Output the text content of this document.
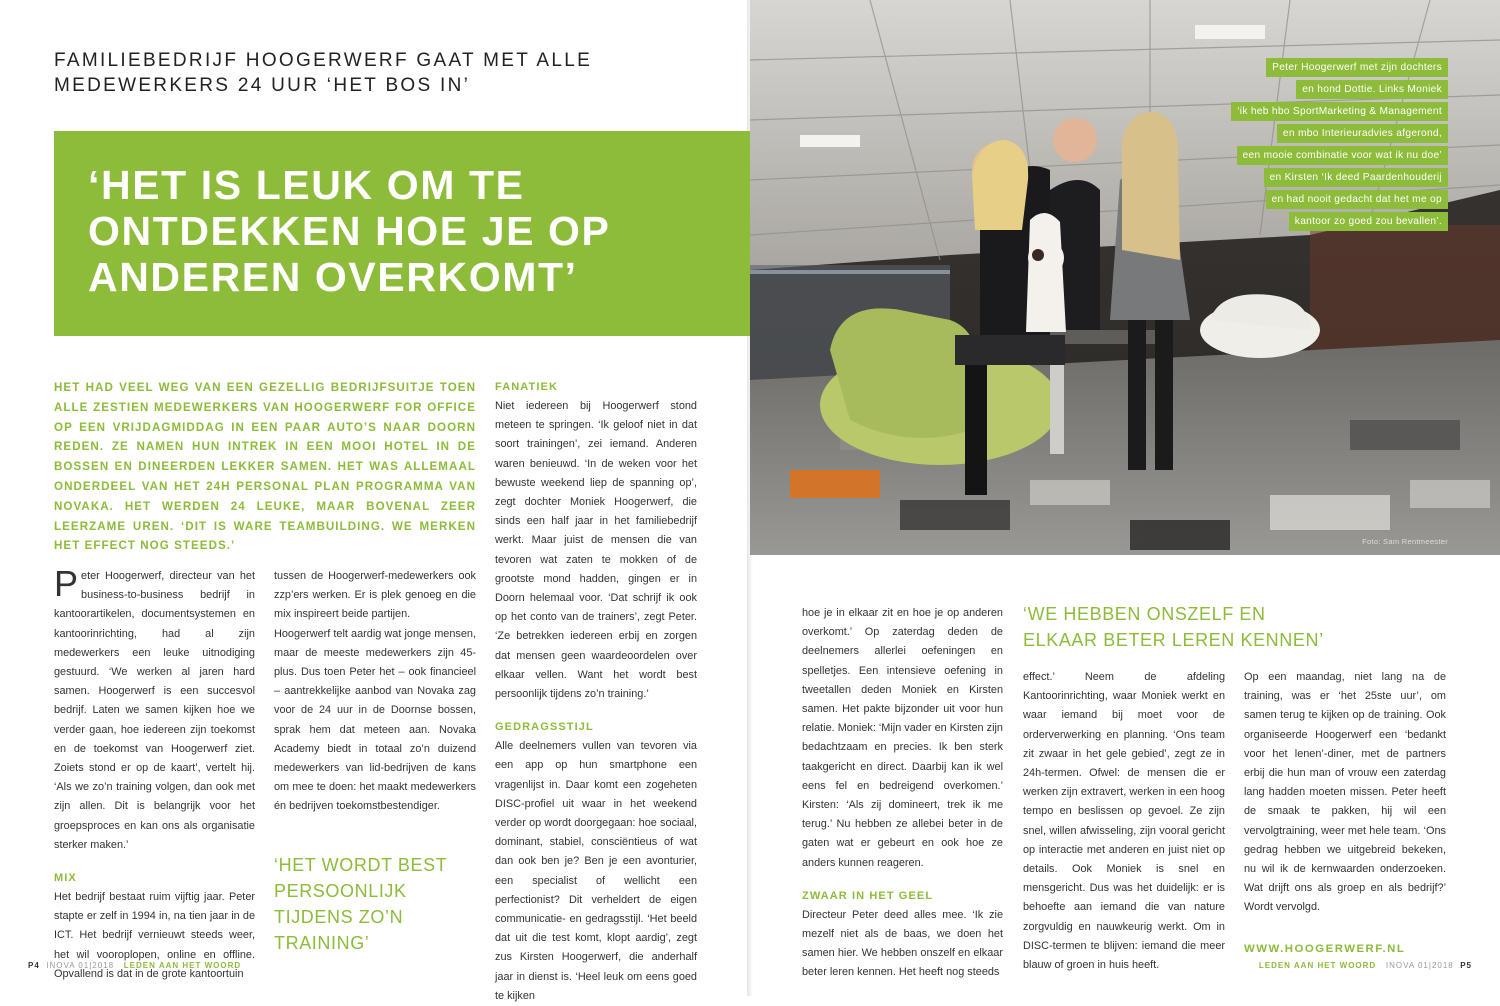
FAMILIEBEDRIJF HOOGERWERF GAAT MET ALLE MEDEWERKERS 24 UUR ‘HET BOS IN’
‘HET IS LEUK OM TE ONTDEKKEN HOE JE OP ANDEREN OVERKOMT’
HET HAD VEEL WEG VAN EEN GEZELLIG BEDRIJFSUITJE TOEN ALLE ZESTIEN MEDEWERKERS VAN HOOGERWERF FOR OFFICE OP EEN VRIJDAGMIDDAG IN EEN PAAR AUTO’S NAAR DOORN REDEN. ZE NAMEN HUN INTREK IN EEN MOOI HOTEL IN DE BOSSEN EN DINEERDEN LEKKER SAMEN. HET WAS ALLEMAAL ONDERDEEL VAN HET 24H PERSONAL PLAN PROGRAMMA VAN NOVAKA. HET WERDEN 24 LEUKE, MAAR BOVENAL ZEER LEERZAME UREN. ‘DIT IS WARE TEAMBUILDING. WE MERKEN HET EFFECT NOG STEEDS.’

Peter Hoogerwerf, directeur van het business-to-business bedrijf in kantoorartikelen, documentsystemen en kantoorinrichting, had al zijn medewerkers een leuke uitnodiging gestuurd. ‘We werken al jaren hard samen. Hoogerwerf is een succesvol bedrijf. Laten we samen kijken hoe we verder gaan, hoe iedereen zijn toekomst en de toekomst van Hoogerwerf ziet. Zoiets stond er op de kaart’, vertelt hij. ‘Als we zo’n training volgen, dan ook met zijn allen. Dit is belangrijk voor het groepsproces en kan ons als organisatie sterker maken.’

MIX

Het bedrijf bestaat ruim vijftig jaar. Peter stapte er zelf in 1994 in, na tien jaar in de ICT. Het bedrijf vernieuwt steeds weer, het wil vooroplopen, online en offline. Opvallend is dat in de grote kantoortuin

tussen de Hoogerwerf-medewerkers ook zzp’ers werken. Er is plek genoeg en die mix inspireert beide partijen.

Hoogerwerf telt aardig wat jonge mensen, maar de meeste medewerkers zijn 45-plus. Dus toen Peter het – ook financieel – aantrekkelijke aanbod van Novaka zag voor de 24 uur in de Doornse bossen, sprak hem dat meteen aan. Novaka Academy biedt in totaal zo’n duizend medewerkers van lid-bedrijven de kans om mee te doen: het maakt medewerkers én bedrijven toekomstbestendiger.

‘HET WORDT BEST PERSOONLIJK TIJDENS ZO’N TRAINING’
FANATIEK

Niet iedereen bij Hoogerwerf stond meteen te springen. ‘Ik geloof niet in dat soort trainingen’, zei iemand. Anderen waren benieuwd. ‘In de weken voor het bewuste weekend liep de spanning op’, zegt dochter Moniek Hoogerwerf, die sinds een half jaar in het familiebedrijf werkt. Maar juist de mensen die van tevoren wat zaten te mokken of de grootste mond hadden, gingen er in Doorn helemaal voor. ‘Dat schrijf ik ook op het conto van de trainers’, zegt Peter. ‘Ze betrekken iedereen erbij en zorgen dat mensen geen waardeoordelen over elkaar vellen. Want het wordt best persoonlijk tijdens zo’n training.’

GEDRAGSSTIJL

Alle deelnemers vullen van tevoren via een app op hun smartphone een vragenlijst in. Daar komt een zogeheten DISC-profiel uit waar in het weekend verder op wordt doorgegaan: hoe sociaal, dominant, stabiel, consciëntieus of wat dan ook ben je? Ben je een avonturier, een specialist of wellicht een perfectionist? Dit verheldert de eigen communicatie- en gedragsstijl. ‘Het beeld dat uit die test komt, klopt aardig’, zegt zus Kirsten Hoogerwerf, die anderhalf jaar in dienst is. ‘Heel leuk om eens goed te kijken

P4 INOVA 01|2018 LEDEN AAN HET WOORD
Peter Hoogerwerf met zijn dochters
en hond Dottie. Links Moniek
‘ik heb hbo SportMarketing & Management
en mbo Interieuradvies afgerond,
een mooie combinatie voor wat ik nu doe’
en Kirsten ‘Ik deed Paardenhouderij
en had nooit gedacht dat het me op
kantoor zo goed zou bevallen’.
Foto: Sam Rentmeester

hoe je in elkaar zit en hoe je op anderen overkomt.’ Op zaterdag deden de deelnemers allerlei oefeningen en spelletjes. Een intensieve oefening in tweetallen deden Moniek en Kirsten samen. Het pakte bijzonder uit voor hun relatie. Moniek: ‘Mijn vader en Kirsten zijn bedachtzaam en precies. Ik ben sterk taakgericht en direct. Daarbij kan ik wel eens fel en bedreigend overkomen.’ Kirsten: ‘Als zij domineert, trek ik me terug.’ Nu hebben ze allebei beter in de gaten wat er gebeurt en ook hoe ze anders kunnen reageren.

ZWAAR IN HET GEEL

Directeur Peter deed alles mee. ‘Ik zie mezelf niet als de baas, we doen het samen hier. We hebben onszelf en elkaar beter leren kennen. Het heeft nog steeds

‘WE HEBBEN ONSZELF EN ELKAAR BETER LEREN KENNEN’

effect.’ Neem de afdeling Kantoorinrichting, waar Moniek werkt en waar iemand bij moet voor de orderverwerking en planning. ‘Ons team zit zwaar in het gele gebied’, zegt ze in 24h-termen. Ofwel: de mensen die er werken zijn extravert, werken in een hoog tempo en beslissen op gevoel. Ze zijn snel, willen afwisseling, zijn vooral gericht op interactie met anderen en juist niet op details. Ook Moniek is snel en mensgericht. Dus was het duidelijk: er is behoefte aan iemand die van nature zorgvuldig en nauwkeurig werkt. Om in DISC-termen te blijven: iemand die meer blauw of groen in huis heeft.

Op een maandag, niet lang na de training, was er ‘het 25ste uur’, om samen terug te kijken op de training. Ook organiseerde Hoogerwerf een ‘bedankt voor het lenen’-diner, met de partners erbij die hun man of vrouw een zaterdag lang hadden moeten missen. Peter heeft de smaak te pakken, hij wil een vervolgtraining, weer met hele team. ‘Ons gedrag hebben we uitgebreid bekeken, nu wil ik de kernwaarden onderzoeken. Wat drijft ons als groep en als bedrijf?’ Wordt vervolgd.

WWW.HOOGERWERF.NL
LEDEN AAN HET WOORD INOVA 01|2018 P5
